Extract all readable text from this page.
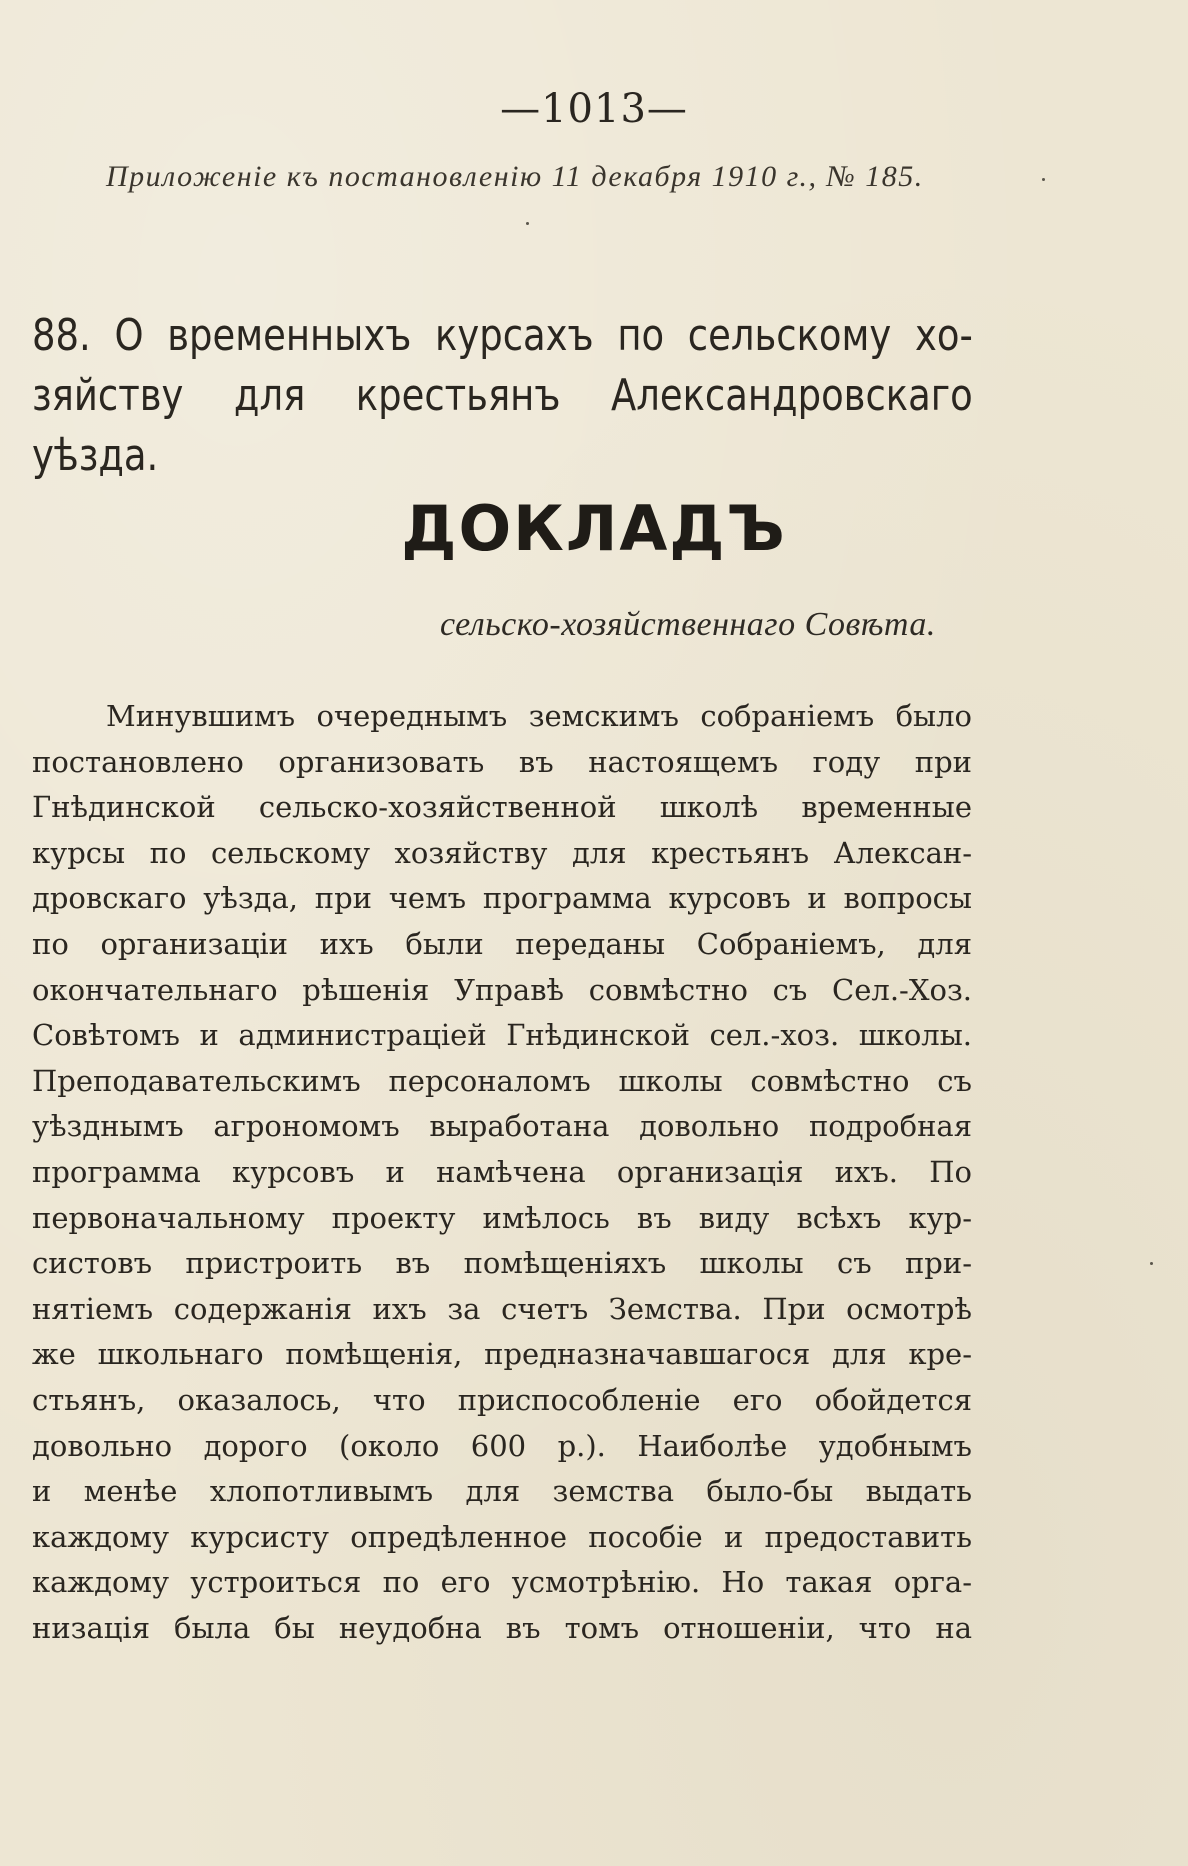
—1013—
Приложеніе къ постановленію 11 декабря 1910 г., № 185.
88. О временныхъ курсахъ по сельскому хо-
зяйству для крестьянъ Александровскаго уѣзда.
ДОКЛАДЪ
сельско-хозяйственнаго Совѣта.
Минувшимъ очереднымъ земскимъ собраніемъ было
постановлено организовать въ настоящемъ году при
Гнѣдинской сельско-хозяйственной школѣ временные
курсы по сельскому хозяйству для крестьянъ Алексан-
дровскаго уѣзда, при чемъ программа курсовъ и вопросы
по организаціи ихъ были переданы Собраніемъ, для
окончательнаго рѣшенія Управѣ совмѣстно съ Сел.-Хоз.
Совѣтомъ и администраціей Гнѣдинской сел.-хоз. школы.
Преподавательскимъ персоналомъ школы совмѣстно съ
уѣзднымъ агрономомъ выработана довольно подробная
программа курсовъ и намѣчена организація ихъ. По
первоначальному проекту имѣлось въ виду всѣхъ кур-
систовъ пристроить въ помѣщеніяхъ школы съ при-
нятіемъ содержанія ихъ за счетъ Земства. При осмотрѣ
же школьнаго помѣщенія, предназначавшагося для кре-
стьянъ, оказалось, что приспособленіе его обойдется
довольно дорого (около 600 р.). Наиболѣе удобнымъ
и менѣе хлопотливымъ для земства было-бы выдать
каждому курсисту опредѣленное пособіе и предоставить
каждому устроиться по его усмотрѣнію. Но такая орга-
низація была бы неудобна въ томъ отношеніи, что на
